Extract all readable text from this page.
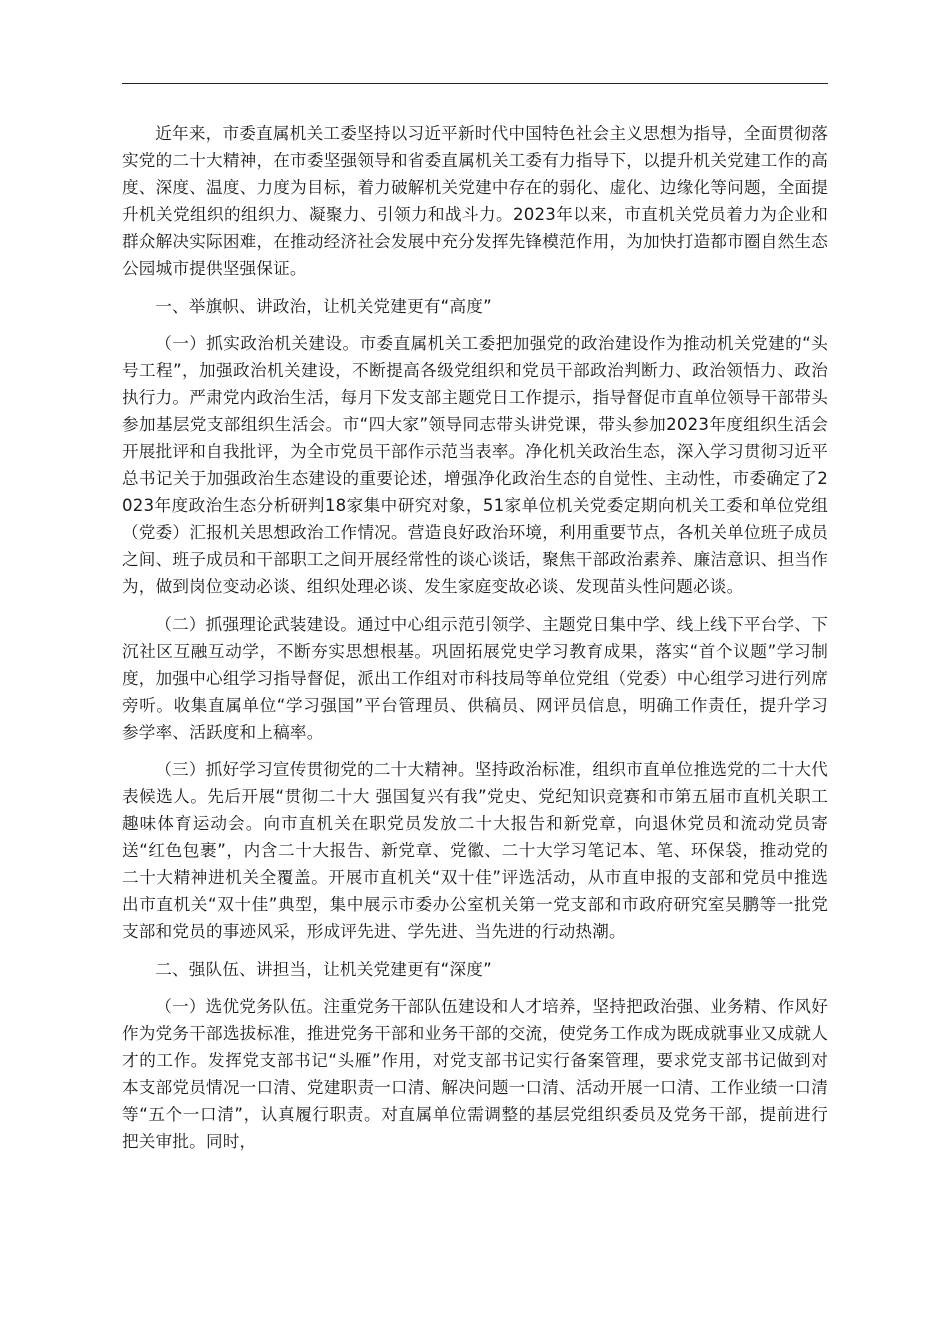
近年来，市委直属机关工委坚持以习近平新时代中国特色社会主义思想为指导，全面贯彻落实党的二十大精神，在市委坚强领导和省委直属机关工委有力指导下，以提升机关党建工作的高度、深度、温度、力度为目标，着力破解机关党建中存在的弱化、虚化、边缘化等问题，全面提升机关党组织的组织力、凝聚力、引领力和战斗力。2023年以来，市直机关党员着力为企业和群众解决实际困难，在推动经济社会发展中充分发挥先锋模范作用，为加快打造都市圈自然生态公园城市提供坚强保证。

一、举旗帜、讲政治，让机关党建更有“高度”

（一）抓实政治机关建设。市委直属机关工委把加强党的政治建设作为推动机关党建的“头号工程”，加强政治机关建设，不断提高各级党组织和党员干部政治判断力、政治领悟力、政治执行力。严肃党内政治生活，每月下发支部主题党日工作提示，指导督促市直单位领导干部带头参加基层党支部组织生活会。市“四大家”领导同志带头讲党课，带头参加2023年度组织生活会开展批评和自我批评，为全市党员干部作示范当表率。净化机关政治生态，深入学习贯彻习近平总书记关于加强政治生态建设的重要论述，增强净化政治生态的自觉性、主动性，市委确定了2023年度政治生态分析研判18家集中研究对象，51家单位机关党委定期向机关工委和单位党组（党委）汇报机关思想政治工作情况。营造良好政治环境，利用重要节点，各机关单位班子成员之间、班子成员和干部职工之间开展经常性的谈心谈话，聚焦干部政治素养、廉洁意识、担当作为，做到岗位变动必谈、组织处理必谈、发生家庭变故必谈、发现苗头性问题必谈。

（二）抓强理论武装建设。通过中心组示范引领学、主题党日集中学、线上线下平台学、下沉社区互融互动学，不断夯实思想根基。巩固拓展党史学习教育成果，落实“首个议题”学习制度，加强中心组学习指导督促，派出工作组对市科技局等单位党组（党委）中心组学习进行列席旁听。收集直属单位“学习强国”平台管理员、供稿员、网评员信息，明确工作责任，提升学习参学率、活跃度和上稿率。

（三）抓好学习宣传贯彻党的二十大精神。坚持政治标准，组织市直单位推选党的二十大代表候选人。先后开展“贯彻二十大 强国复兴有我”党史、党纪知识竞赛和市第五届市直机关职工趣味体育运动会。向市直机关在职党员发放二十大报告和新党章，向退休党员和流动党员寄送“红色包裹”，内含二十大报告、新党章、党徽、二十大学习笔记本、笔、环保袋，推动党的二十大精神进机关全覆盖。开展市直机关“双十佳”评选活动，从市直申报的支部和党员中推选出市直机关“双十佳”典型，集中展示市委办公室机关第一党支部和市政府研究室吴鹏等一批党支部和党员的事迹风采，形成评先进、学先进、当先进的行动热潮。

二、强队伍、讲担当，让机关党建更有“深度”

（一）选优党务队伍。注重党务干部队伍建设和人才培养，坚持把政治强、业务精、作风好作为党务干部选拔标准，推进党务干部和业务干部的交流，使党务工作成为既成就事业又成就人才的工作。发挥党支部书记“头雁”作用，对党支部书记实行备案管理，要求党支部书记做到对本支部党员情况一口清、党建职责一口清、解决问题一口清、活动开展一口清、工作业绩一口清等“五个一口清”，认真履行职责。对直属单位需调整的基层党组织委员及党务干部，提前进行把关审批。同时，
